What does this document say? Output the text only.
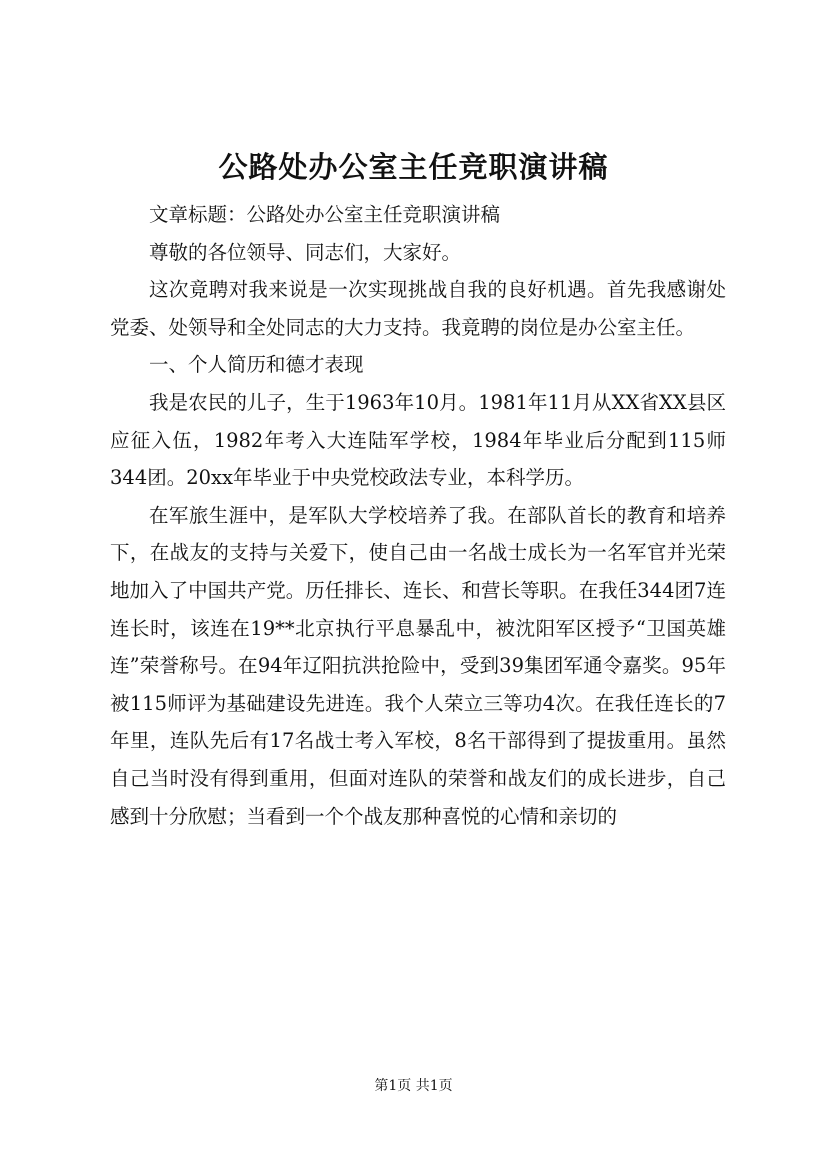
公路处办公室主任竞职演讲稿

文章标题：公路处办公室主任竞职演讲稿

尊敬的各位领导、同志们，大家好。

这次竟聘对我来说是一次实现挑战自我的良好机遇。首先我感谢处党委、处领导和全处同志的大力支持。我竟聘的岗位是办公室主任。

一、个人简历和德才表现

我是农民的儿子，生于1963年10月。1981年11月从XX省XX县区应征入伍，1982年考入大连陆军学校，1984年毕业后分配到115师344团。20xx年毕业于中央党校政法专业，本科学历。

在军旅生涯中，是军队大学校培养了我。在部队首长的教育和培养下，在战友的支持与关爱下，使自己由一名战士成长为一名军官并光荣地加入了中国共产党。历任排长、连长、和营长等职。在我任344团7连连长时，该连在19**北京执行平息暴乱中，被沈阳军区授予“卫国英雄连”荣誉称号。在94年辽阳抗洪抢险中，受到39集团军通令嘉奖。95年被115师评为基础建设先进连。我个人荣立三等功4次。在我任连长的7年里，连队先后有17名战士考入军校，8名干部得到了提拔重用。虽然自己当时没有得到重用，但面对连队的荣誉和战友们的成长进步，自己感到十分欣慰；当看到一个个战友那种喜悦的心情和亲切的

第1页 共1页
